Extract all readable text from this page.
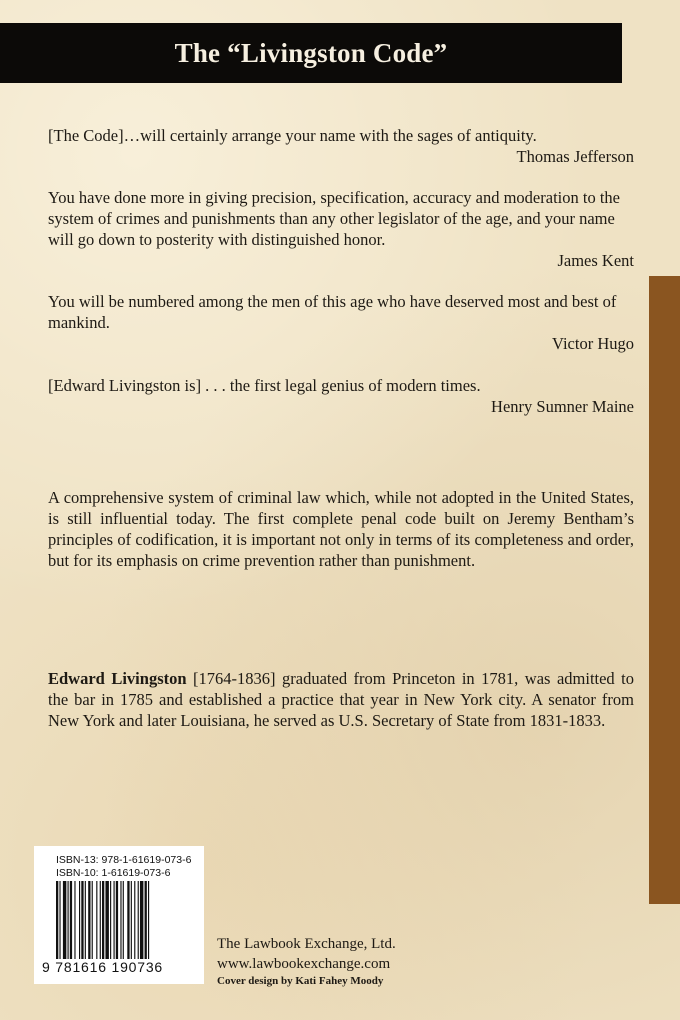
The “Livingston Code”

[The Code]…will certainly arrange your name with the sages of antiquity.

Thomas Jefferson

You have done more in giving precision, specification, accuracy and moderation to the system of crimes and punishments than any other legislator of the age, and your name will go down to posterity with distinguished honor.

James Kent

You will be numbered among the men of this age who have deserved most and best of mankind.

Victor Hugo

[Edward Livingston is] . . . the first legal genius of modern times.

Henry Sumner Maine

A comprehensive system of criminal law which, while not adopted in the United States, is still influential today. The first complete penal code built on Jeremy Bentham’s principles of codification, it is important not only in terms of its completeness and order, but for its emphasis on crime prevention rather than punishment.

Edward Livingston [1764-1836] graduated from Princeton in 1781, was admitted to the bar in 1785 and established a practice that year in New York city. A senator from New York and later Louisiana, he served as U.S. Secretary of State from 1831-1833.

ISBN-13: 978-1-61619-073-6
ISBN-10: 1-61619-073-6
9 781616 190736

The Lawbook Exchange, Ltd.

www.lawbookexchange.com

Cover design by Kati Fahey Moody
